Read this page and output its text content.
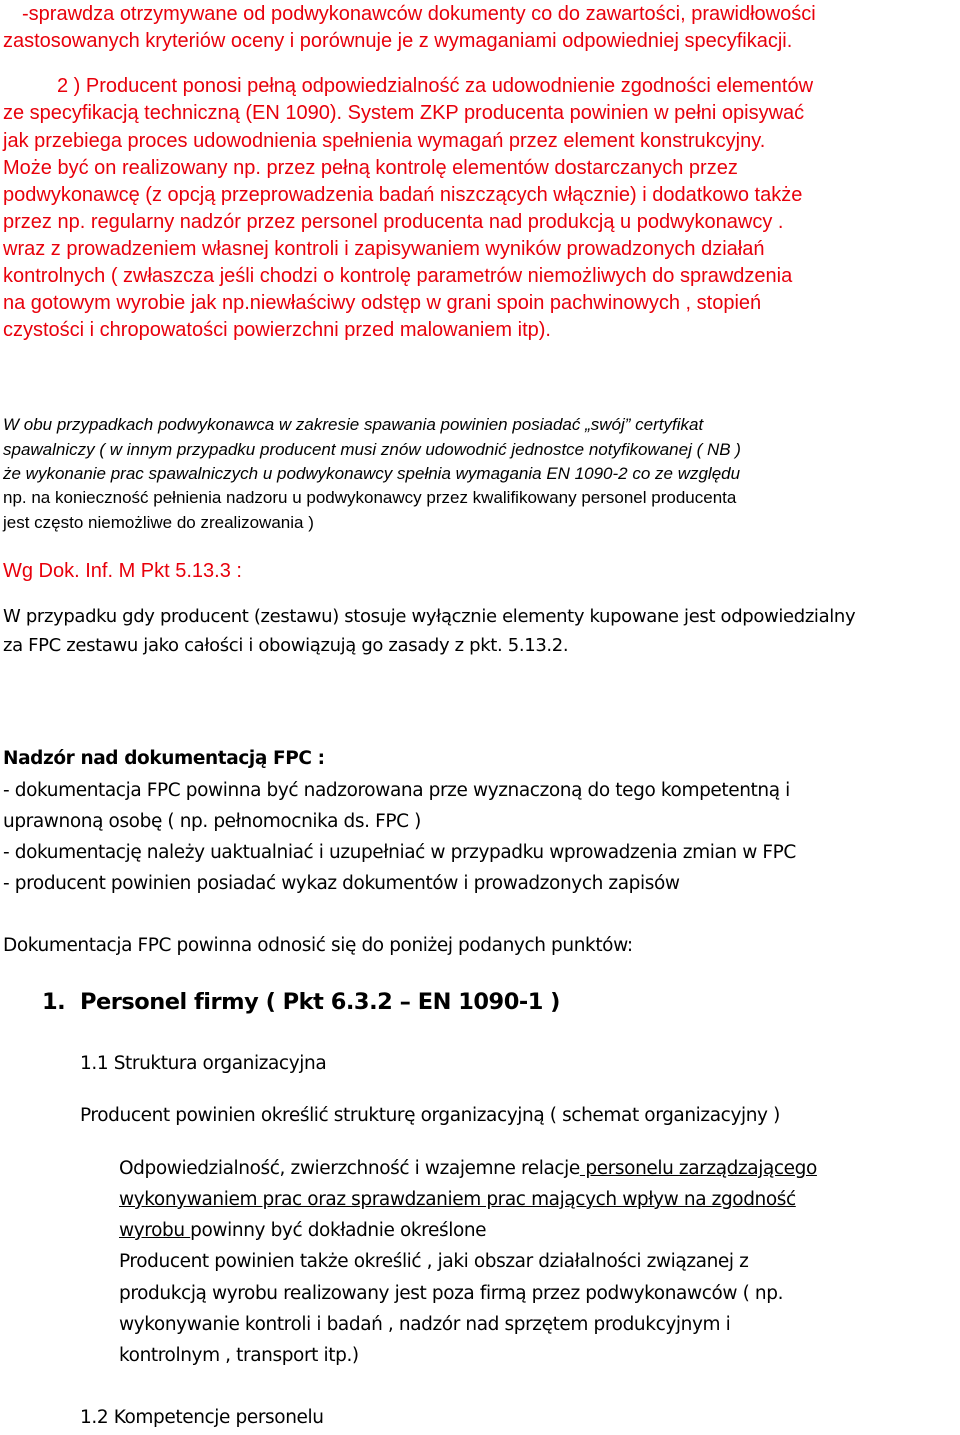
-sprawdza otrzymywane od podwykonawców dokumenty co do zawartości, prawidłowości
zastosowanych kryteriów oceny i porównuje je z wymaganiami odpowiedniej specyfikacji.
2 ) Producent ponosi pełną odpowiedzialność za udowodnienie zgodności elementów
ze specyfikacją techniczną (EN 1090). System ZKP producenta powinien w pełni opisywać
jak przebiega proces udowodnienia spełnienia wymagań przez element konstrukcyjny.
Może być on realizowany np. przez pełną kontrolę elementów dostarczanych przez
podwykonawcę (z opcją przeprowadzenia badań niszczących włącznie) i dodatkowo także
przez np. regularny nadzór przez personel producenta nad produkcją u podwykonawcy .
wraz z prowadzeniem własnej kontroli i zapisywaniem wyników prowadzonych działań
kontrolnych ( zwłaszcza jeśli chodzi o kontrolę parametrów niemożliwych do sprawdzenia
na gotowym wyrobie jak np.niewłaściwy odstęp w grani spoin pachwinowych , stopień
czystości i chropowatości powierzchni przed malowaniem itp).
W obu przypadkach podwykonawca w zakresie spawania powinien posiadać „swój” certyfikat
spawalniczy ( w innym przypadku producent musi znów udowodnić jednostce notyfikowanej ( NB )
że wykonanie prac spawalniczych u podwykonawcy spełnia wymagania EN 1090-2 co ze względu
np. na konieczność pełnienia nadzoru u podwykonawcy przez kwalifikowany personel producenta
jest często niemożliwe do zrealizowania )
Wg Dok. Inf. M Pkt 5.13.3 :
W przypadku gdy producent (zestawu) stosuje wyłącznie elementy kupowane jest odpowiedzialny
za FPC zestawu jako całości i obowiązują go zasady z pkt. 5.13.2.
Nadzór nad dokumentacją FPC :
- dokumentacja FPC powinna być nadzorowana prze wyznaczoną do tego kompetentną i
uprawnoną osobę ( np. pełnomocnika ds. FPC )
- dokumentację należy uaktualniać i uzupełniać w przypadku wprowadzenia zmian w FPC
- producent powinien posiadać wykaz dokumentów i prowadzonych zapisów
Dokumentacja FPC powinna odnosić się do poniżej podanych punktów:
1. Personel firmy ( Pkt 6.3.2 – EN 1090-1 )
1.1 Struktura organizacyjna
Producent powinien określić strukturę organizacyjną ( schemat organizacyjny )
Odpowiedzialność, zwierzchność i wzajemne relacje personelu zarządzającego
wykonywaniem prac oraz sprawdzaniem prac mających wpływ na zgodność
wyrobu powinny być dokładnie określone
Producent powinien także określić , jaki obszar działalności związanej z
produkcją wyrobu realizowany jest poza firmą przez podwykonawców ( np.
wykonywanie kontroli i badań , nadzór nad sprzętem produkcyjnym i
kontrolnym , transport itp.)
1.2 Kompetencje personelu
